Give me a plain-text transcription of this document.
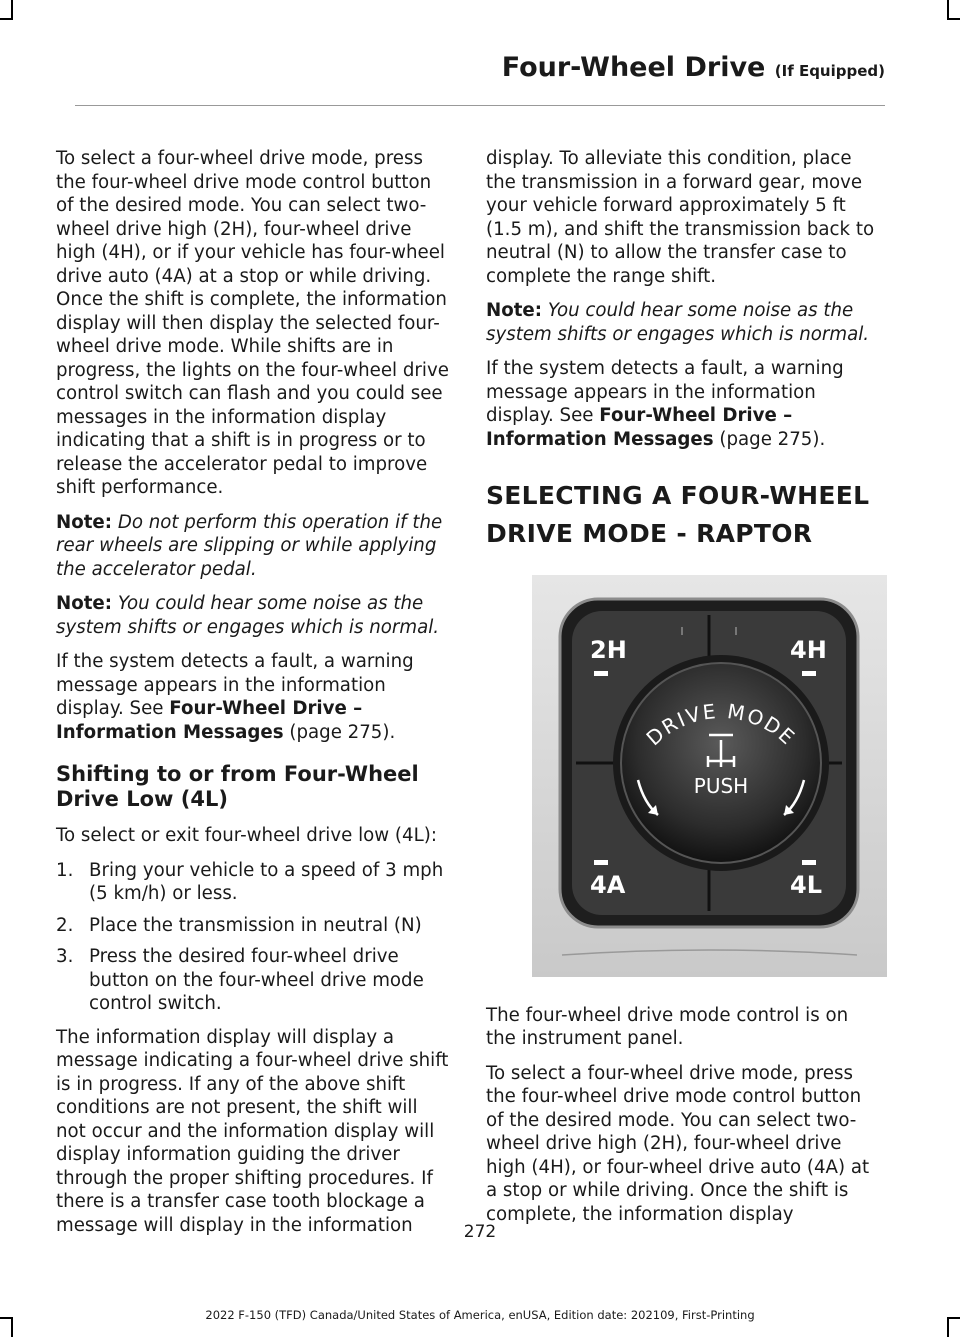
Four-Wheel Drive (If Equipped)

To select a four-wheel drive mode, press the four-wheel drive mode control button of the desired mode. You can select two-wheel drive high (2H), four-wheel drive high (4H), or if your vehicle has four-wheel drive auto (4A) at a stop or while driving. Once the shift is complete, the information display will then display the selected four-wheel drive mode. While shifts are in progress, the lights on the four-wheel drive control switch can flash and you could see messages in the information display indicating that a shift is in progress or to release the accelerator pedal to improve shift performance.

Note: Do not perform this operation if the rear wheels are slipping or while applying the accelerator pedal.

Note: You could hear some noise as the system shifts or engages which is normal.

If the system detects a fault, a warning message appears in the information display. See Four-Wheel Drive – Information Messages (page 275).

Shifting to or from Four-Wheel Drive Low (4L)

To select or exit four-wheel drive low (4L):

1. Bring your vehicle to a speed of 3 mph (5 km/h) or less.
2. Place the transmission in neutral (N)
3. Press the desired four-wheel drive button on the four-wheel drive mode control switch.

The information display will display a message indicating a four-wheel drive shift is in progress. If any of the above shift conditions are not present, the shift will not occur and the information display will display information guiding the driver through the proper shifting procedures. If there is a transfer case tooth blockage a message will display in the information

display. To alleviate this condition, place the transmission in a forward gear, move your vehicle forward approximately 5 ft (1.5 m), and shift the transmission back to neutral (N) to allow the transfer case to complete the range shift.

Note: You could hear some noise as the system shifts or engages which is normal.

If the system detects a fault, a warning message appears in the information display. See Four-Wheel Drive – Information Messages (page 275).

SELECTING A FOUR-WHEEL DRIVE MODE - RAPTOR
2H	4H
4A	4L
DRIVE MODE
PUSH

The four-wheel drive mode control is on the instrument panel.

To select a four-wheel drive mode, press the four-wheel drive mode control button of the desired mode. You can select two-wheel drive high (2H), four-wheel drive high (4H), or four-wheel drive auto (4A) at a stop or while driving. Once the shift is complete, the information display

272
2022 F-150 (TFD) Canada/United States of America, enUSA, Edition date: 202109, First-Printing
